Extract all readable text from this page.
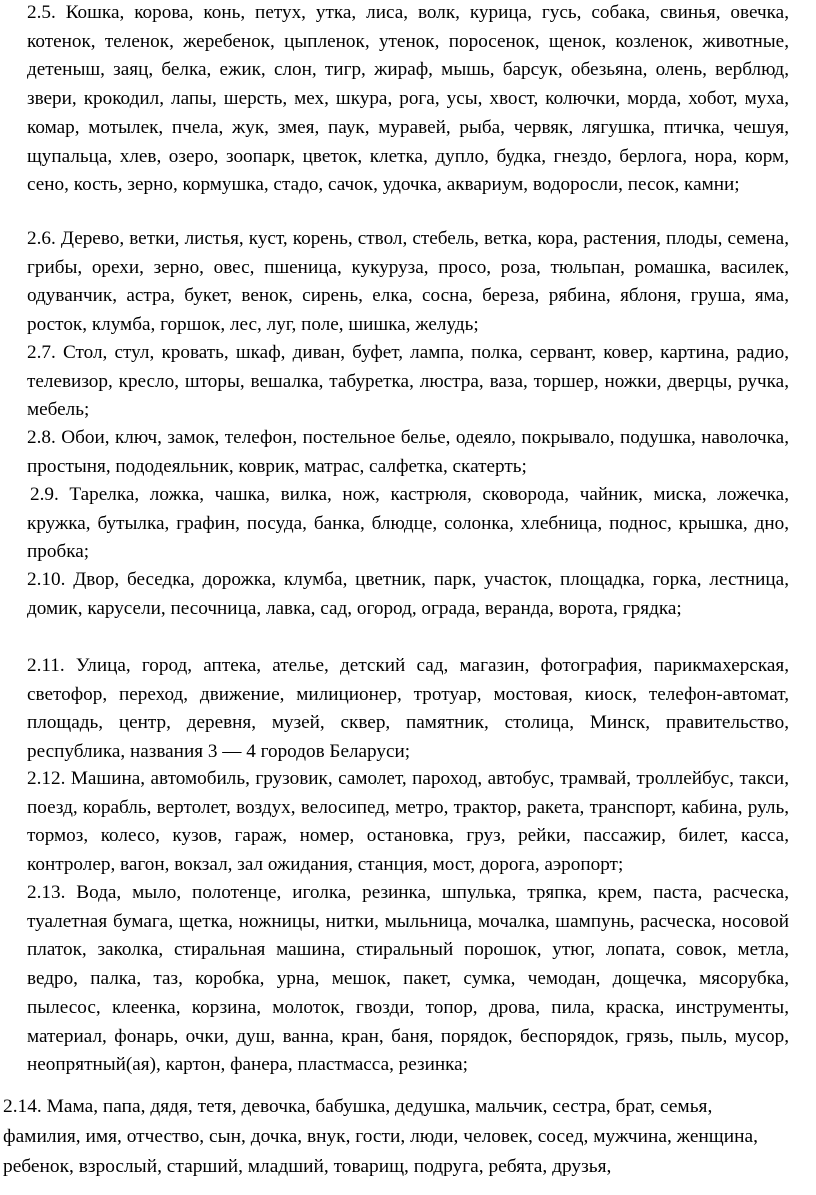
2.5. Кошка, корова, конь, петух, утка, лиса, волк, курица, гусь, собака, свинья, овечка, котенок, теленок, жеребенок, цыпленок, утенок, поросенок, щенок, козленок, животные, детеныш, заяц, белка, ежик, слон, тигр, жираф, мышь, барсук, обезьяна, олень, верблюд, звери, крокодил, лапы, шерсть, мех, шкура, рога, усы, хвост, колючки, морда, хобот, муха, комар, мотылек, пчела, жук, змея, паук, муравей, рыба, червяк, лягушка, птичка, чешуя, щупальца, хлев, озеро, зоопарк, цветок, клетка, дупло, будка, гнездо, берлога, нора, корм, сено, кость, зерно, кормушка, стадо, сачок, удочка, аквариум, водоросли, песок, камни;

2.6. Дерево, ветки, листья, куст, корень, ствол, стебель, ветка, кора, растения, плоды, семена, грибы, орехи, зерно, овес, пшеница, кукуруза, просо, роза, тюльпан, ромашка, василек, одуванчик, астра, букет, венок, сирень, елка, сосна, береза, рябина, яблоня, груша, яма, росток, клумба, горшок, лес, луг, поле, шишка, желудь;

2.7. Стол, стул, кровать, шкаф, диван, буфет, лампа, полка, сервант, ковер, картина, радио, телевизор, кресло, шторы, вешалка, табуретка, люстра, ваза, торшер, ножки, дверцы, ручка, мебель;

2.8. Обои, ключ, замок, телефон, постельное белье, одеяло, покрывало, подушка, наволочка, простыня, пододеяльник, коврик, матрас, салфетка, скатерть;

2.9. Тарелка, ложка, чашка, вилка, нож, кастрюля, сковорода, чайник, миска, ложечка, кружка, бутылка, графин, посуда, банка, блюдце, солонка, хлебница, поднос, крышка, дно, пробка;

2.10. Двор, беседка, дорожка, клумба, цветник, парк, участок, площадка, горка, лестница, домик, карусели, песочница, лавка, сад, огород, ограда, веранда, ворота, грядка;

2.11. Улица, город, аптека, ателье, детский сад, магазин, фотография, парикмахерская, светофор, переход, движение, милиционер, тротуар, мостовая, киоск, телефон-автомат, площадь, центр, деревня, музей, сквер, памятник, столица, Минск, правительство, республика, названия 3 — 4 городов Беларуси;

2.12. Машина, автомобиль, грузовик, самолет, пароход, автобус, трамвай, троллейбус, такси, поезд, корабль, вертолет, воздух, велосипед, метро, трактор, ракета, транспорт, кабина, руль, тормоз, колесо, кузов, гараж, номер, остановка, груз, рейки, пассажир, билет, касса, контролер, вагон, вокзал, зал ожидания, станция, мост, дорога, аэропорт;

2.13. Вода, мыло, полотенце, иголка, резинка, шпулька, тряпка, крем, паста, расческа, туалетная бумага, щетка, ножницы, нитки, мыльница, мочалка, шампунь, расческа, носовой платок, заколка, стиральная машина, стиральный порошок, утюг, лопата, совок, метла, ведро, палка, таз, коробка, урна, мешок, пакет, сумка, чемодан, дощечка, мясорубка, пылесос, клеенка, корзина, молоток, гвозди, топор, дрова, пила, краска, инструменты, материал, фонарь, очки, душ, ванна, кран, баня, порядок, беспорядок, грязь, пыль, мусор, неопрятный(ая), картон, фанера, пластмасса, резинка;

2.14. Мама, папа, дядя, тетя, девочка, бабушка, дедушка, мальчик, сестра, брат, семья, фамилия, имя, отчество, сын, дочка, внук, гости, люди, человек, сосед, мужчина, женщина, ребенок, взрослый, старший, младший, товарищ, подруга, ребята, друзья,
